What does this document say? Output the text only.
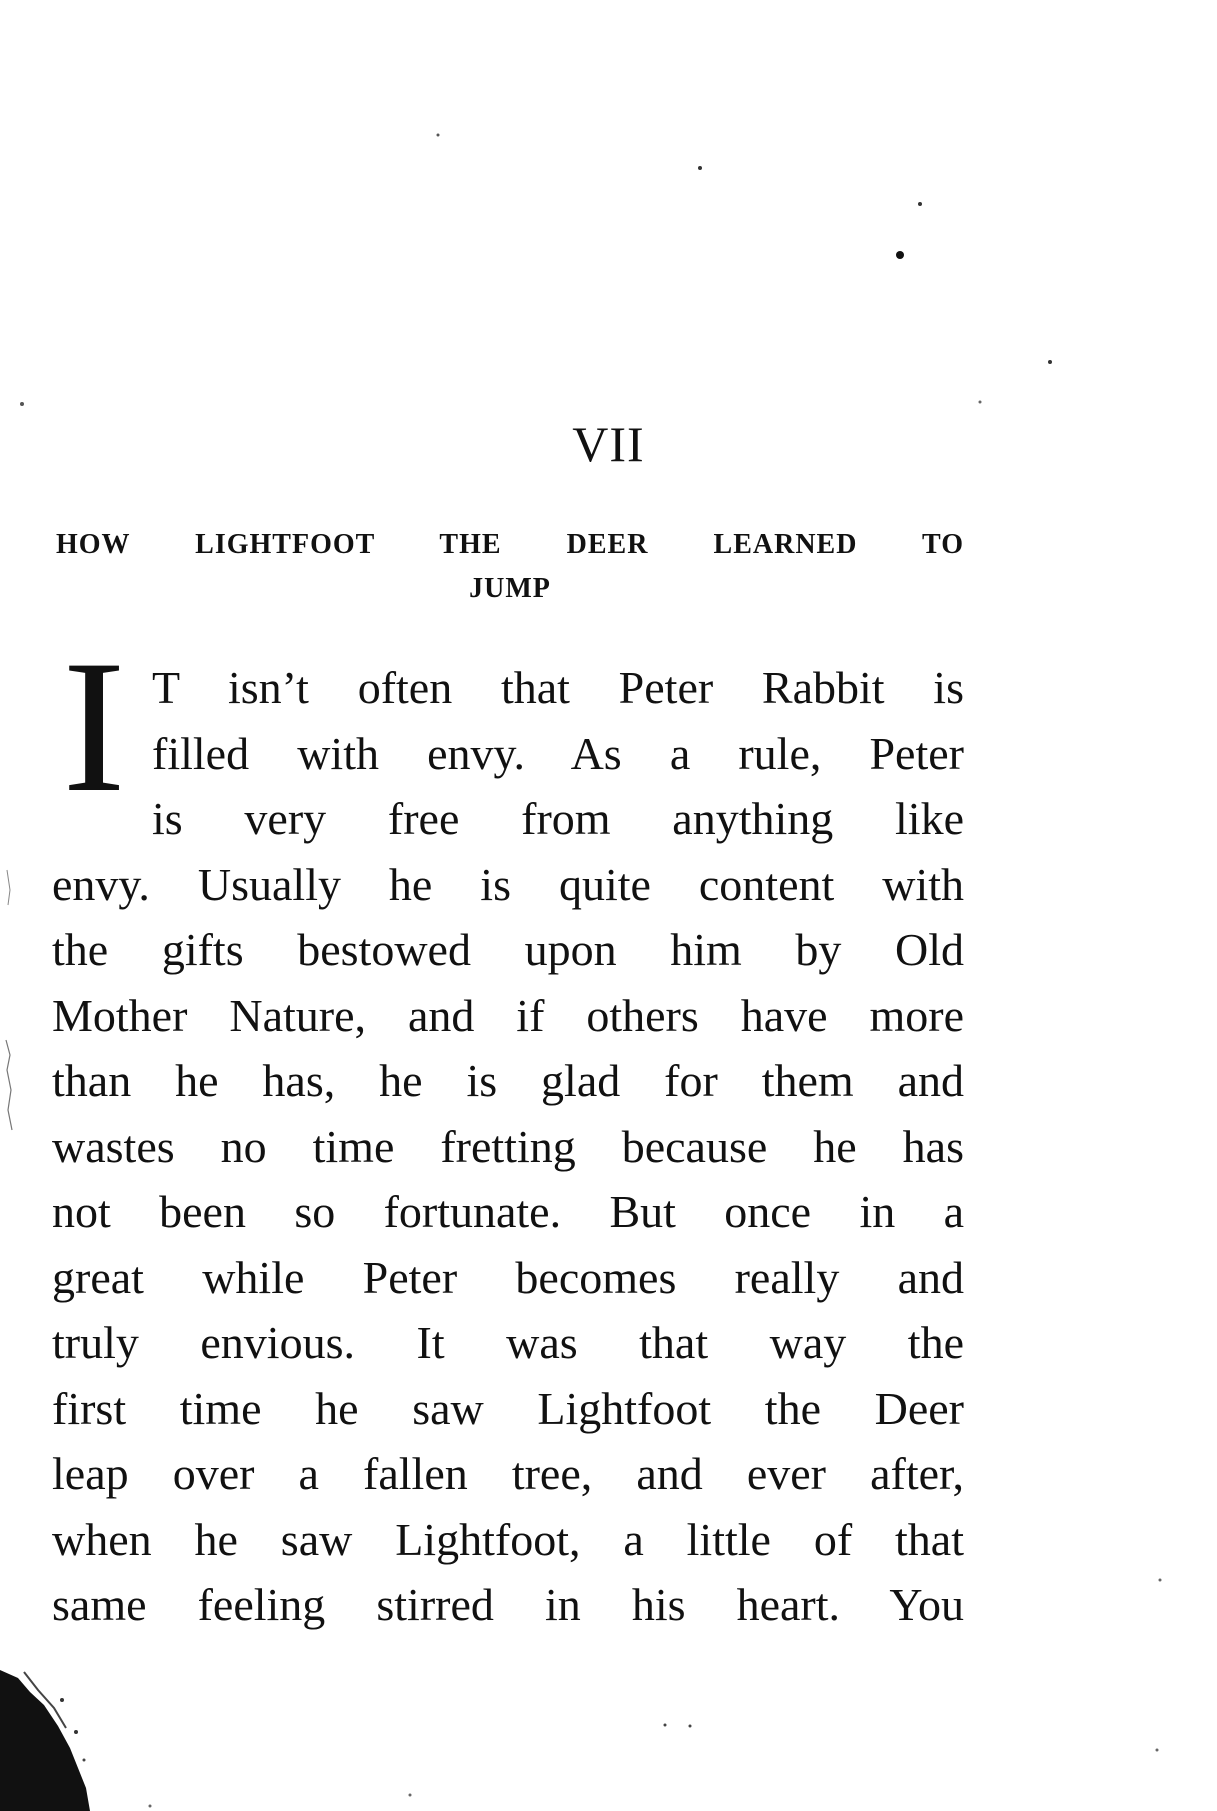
VII
HOW LIGHTFOOT THE DEER LEARNED TO
JUMP
I T isn’t often that Peter Rabbit is
filled with envy. As a rule, Peter
is very free from anything like
envy. Usually he is quite content with
the gifts bestowed upon him by Old
Mother Nature, and if others have more
than he has, he is glad for them and
wastes no time fretting because he has
not been so fortunate. But once in a
great while Peter becomes really and
truly envious. It was that way the
first time he saw Lightfoot the Deer
leap over a fallen tree, and ever after,
when he saw Lightfoot, a little of that
same feeling stirred in his heart. You
